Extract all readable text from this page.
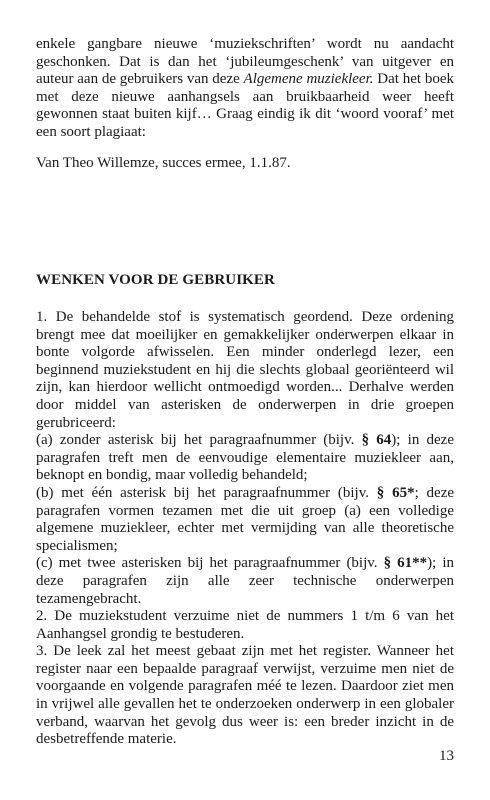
enkele gangbare nieuwe ‘muziekschriften’ wordt nu aandacht geschonken. Dat is dan het ‘jubileumgeschenk’ van uitgever en auteur aan de gebruikers van deze Algemene muziekleer. Dat het boek met deze nieuwe aanhangsels aan bruikbaarheid weer heeft gewonnen staat buiten kijf… Graag eindig ik dit ‘woord vooraf’ met een soort plagiaat:

Van Theo Willemze, succes ermee, 1.1.87.
WENKEN VOOR DE GEBRUIKER

1. De behandelde stof is systematisch geordend. Deze ordening brengt mee dat moeilijker en gemakkelijker onderwerpen elkaar in bonte volgorde afwisselen. Een minder onderlegd lezer, een beginnend muziekstudent en hij die slechts globaal georiënteerd wil zijn, kan hierdoor wellicht ontmoedigd worden... Derhalve werden door middel van asterisken de onderwerpen in drie groepen gerubriceerd:

(a) zonder asterisk bij het paragraafnummer (bijv. § 64); in deze paragrafen treft men de eenvoudige elementaire muziekleer aan, beknopt en bondig, maar volledig behandeld;

(b) met één asterisk bij het paragraafnummer (bijv. § 65*; deze paragrafen vormen tezamen met die uit groep (a) een volledige algemene muziekleer, echter met vermijding van alle theoretische specialismen;

(c) met twee asterisken bij het paragraafnummer (bijv. § 61**); in deze paragrafen zijn alle zeer technische onderwerpen tezamengebracht.

2. De muziekstudent verzuime niet de nummers 1 t/m 6 van het Aanhangsel grondig te bestuderen.

3. De leek zal het meest gebaat zijn met het register. Wanneer het register naar een bepaalde paragraaf verwijst, verzuime men niet de voorgaande en volgende paragrafen méé te lezen. Daardoor ziet men in vrijwel alle gevallen het te onderzoeken onderwerp in een globaler verband, waarvan het gevolg dus weer is: een breder inzicht in de desbetreffende materie.

13
